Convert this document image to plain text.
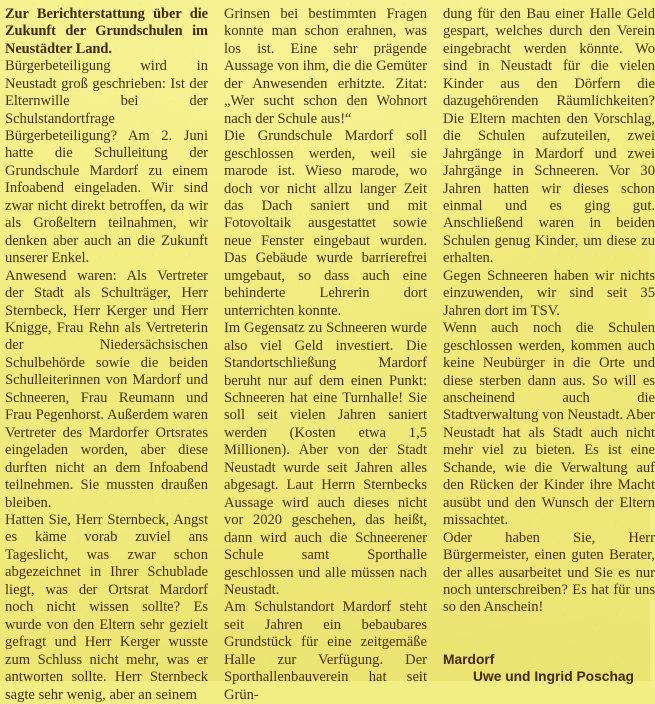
Zur Berichterstattung über die Zukunft der Grundschulen im Neustädter Land.

Bürgerbeteiligung wird in Neustadt groß geschrieben: Ist der Elternwille bei der Schulstandortfrage Bürgerbeteiligung? Am 2. Juni hatte die Schulleitung der Grundschule Mardorf zu einem Infoabend eingeladen. Wir sind zwar nicht direkt betroffen, da wir als Großeltern teilnahmen, wir denken aber auch an die Zukunft unserer Enkel.

Anwesend waren: Als Vertreter der Stadt als Schulträger, Herr Sternbeck, Herr Kerger und Herr Knigge, Frau Rehn als Vertreterin der Niedersächsischen Schulbehörde sowie die beiden Schulleiterinnen von Mardorf und Schneeren, Frau Reumann und Frau Pegenhorst. Außerdem waren Vertreter des Mardorfer Ortsrates eingeladen worden, aber diese durften nicht an dem Infoabend teilnehmen. Sie mussten draußen bleiben.

Hatten Sie, Herr Sternbeck, Angst es käme vorab zuviel ans Tageslicht, was zwar schon abgezeichnet in Ihrer Schublade liegt, was der Ortsrat Mardorf noch nicht wissen sollte? Es wurde von den Eltern sehr gezielt gefragt und Herr Kerger wusste zum Schluss nicht mehr, was er antworten sollte. Herr Sternbeck sagte sehr wenig, aber an seinem

Grinsen bei bestimmten Fragen konnte man schon erahnen, was los ist. Eine sehr prägende Aussage von ihm, die die Gemüter der Anwesenden erhitzte. Zitat: „Wer sucht schon den Wohnort nach der Schule aus!“

Die Grundschule Mardorf soll geschlossen werden, weil sie marode ist. Wieso marode, wo doch vor nicht allzu langer Zeit das Dach saniert und mit Fotovoltaik ausgestattet sowie neue Fenster eingebaut wurden. Das Gebäude wurde barrierefrei umgebaut, so dass auch eine behinderte Lehrerin dort unterrichten konnte.

Im Gegensatz zu Schneeren wurde also viel Geld investiert. Die Standortschließung Mardorf beruht nur auf dem einen Punkt: Schneeren hat eine Turnhalle! Sie soll seit vielen Jahren saniert werden (Kosten etwa 1,5 Millionen). Aber von der Stadt Neustadt wurde seit Jahren alles abgesagt. Laut Herrn Sternbecks Aussage wird auch dieses nicht vor 2020 geschehen, das heißt, dann wird auch die Schneerener Schule samt Sporthalle geschlossen und alle müssen nach Neustadt.

Am Schulstandort Mardorf steht seit Jahren ein bebaubares Grundstück für eine zeitgemäße Halle zur Verfügung. Der Sporthallenbauverein hat seit Grün-

dung für den Bau einer Halle Geld gespart, welches durch den Verein eingebracht werden könnte. Wo sind in Neustadt für die vielen Kinder aus den Dörfern die dazugehörenden Räumlichkeiten? Die Eltern machten den Vorschlag, die Schulen aufzuteilen, zwei Jahrgänge in Mardorf und zwei Jahrgänge in Schneeren. Vor 30 Jahren hatten wir dieses schon einmal und es ging gut. Anschließend waren in beiden Schulen genug Kinder, um diese zu erhalten.

Gegen Schneeren haben wir nichts einzuwenden, wir sind seit 35 Jahren dort im TSV.

Wenn auch noch die Schulen geschlossen werden, kommen auch keine Neubürger in die Orte und diese sterben dann aus. So will es anscheinend auch die Stadtverwaltung von Neustadt. Aber Neustadt hat als Stadt auch nicht mehr viel zu bieten. Es ist eine Schande, wie die Verwaltung auf den Rücken der Kinder ihre Macht ausübt und den Wunsch der Eltern missachtet.

Oder haben Sie, Herr Bürgermeister, einen guten Berater, der alles ausarbeitet und Sie es nur noch unterschreiben? Es hat für uns so den Anschein!

Mardorf
Uwe und Ingrid Poschag
